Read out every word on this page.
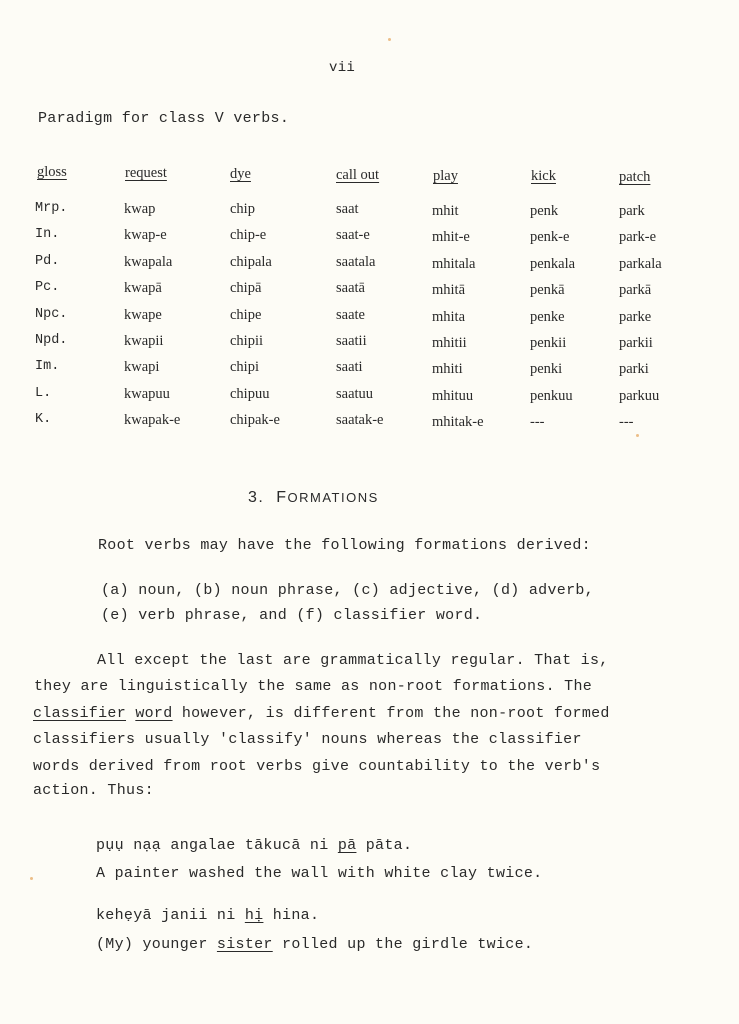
vii
Paradigm for class V verbs.
gloss	request	dye	call out	play	kick	patch
Mrp.	kwap	chip	saat	mhit	penk	park
In.	kwap-e	chip-e	saat-e	mhit-e	penk-e	park-e
Pd.	kwapala	chipala	saatala	mhitala	penkala	parkala
Pc.	kwapā	chipā	saatā	mhitā	penkā	parkā
Npc.	kwape	chipe	saate	mhita	penke	parke
Npd.	kwapii	chipii	saatii	mhitii	penkii	parkii
Im.	kwapi	chipi	saati	mhiti	penki	parki
L.	kwapuu	chipuu	saatuu	mhituu	penkuu	parkuu
K.	kwapak-e	chipak-e	saatak-e	mhitak-e	---	---
3. FORMATIONS
Root verbs may have the following formations derived:
(a) noun, (b) noun phrase, (c) adjective, (d) adverb,
(e) verb phrase, and (f) classifier word.
All except the last are grammatically regular. That is,
they are linguistically the same as non-root formations. The
classifier word however, is different from the non-root formed
classifiers usually 'classify' nouns whereas the classifier
words derived from root verbs give countability to the verb's
action. Thus:
pụụ nạạ angalae tākucā ni pā pāta.
A painter washed the wall with white clay twice.
kehẹyā janii ni hị hina.
(My) younger sister rolled up the girdle twice.
